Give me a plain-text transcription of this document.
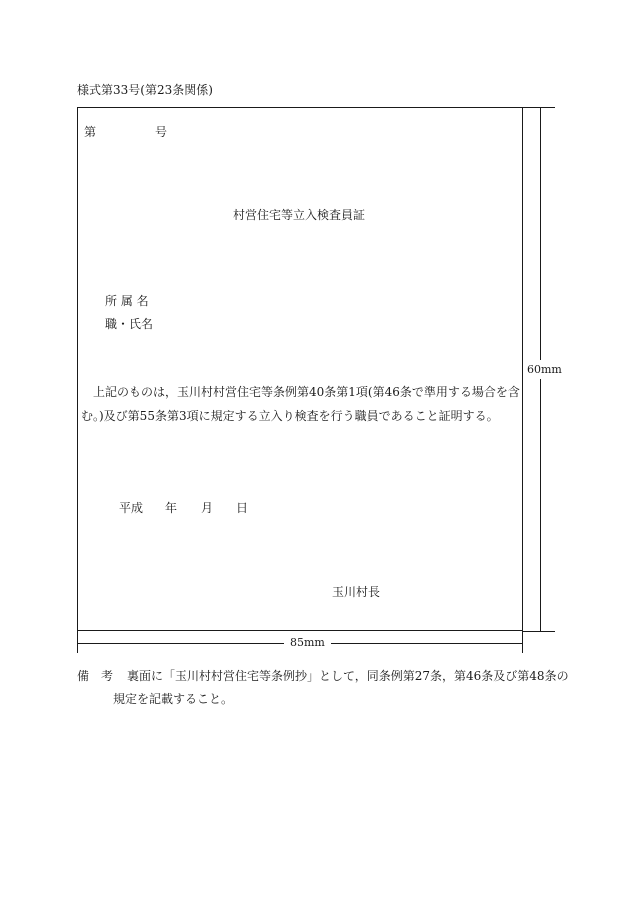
様式第33号(第23条関係)
第	号
村営住宅等立入検査員証
所 属 名
職・氏名
上記のものは，玉川村村営住宅等条例第40条第1項(第46条で準用する場合を含
む。)及び第55条第3項に規定する立入り検査を行う職員であること証明する。
平成 年 月 日
玉川村長
60mm
85mm
備　考 裏面に「玉川村村営住宅等条例抄」として，同条例第27条，第46条及び第48条の
規定を記載すること。
